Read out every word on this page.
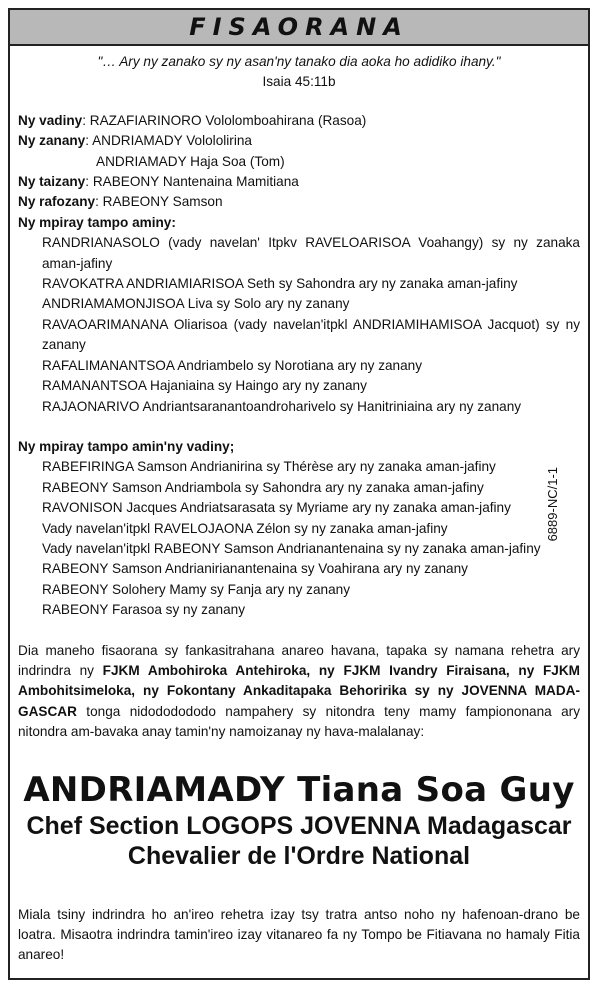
FISAORANA
"… Ary ny zanako sy ny asan'ny tanako dia aoka ho adidiko ihany."
Isaia 45:11b
Ny vadiny: RAZAFIARINORO Vololomboahirana (Rasoa)
Ny zanany: ANDRIAMADY Volololirina
ANDRIAMADY Haja Soa (Tom)
Ny taizany: RABEONY Nantenaina Mamitiana
Ny rafozany: RABEONY Samson
Ny mpiray tampo aminy:
RANDRIANASOLO (vady navelan' Itpkv RAVELOARISOA Voahangy) sy ny zanaka aman-jafiny
RAVOKATRA ANDRIAMIARISOA Seth sy Sahondra ary ny zanaka aman-jafiny
ANDRIAMAMONJISOA Liva sy Solo ary ny zanany
RAVAOARIMANANA Oliarisoa (vady navelan'itpkl ANDRIAMIHAMISOA Jacquot) sy ny zanany
RAFALIMANANTSOA Andriambelo sy Norotiana ary ny zanany
RAMANANTSOA Hajaniaina sy Haingo ary ny zanany
RAJAONARIVO Andriantsaranantoandroharivelo sy Hanitriniaina ary ny zanany
Ny mpiray tampo amin'ny vadiny;
RABEFIRINGA Samson Andrianirina sy Thérèse ary ny zanaka aman-jafiny
RABEONY Samson Andriambola sy Sahondra ary ny zanaka aman-jafiny
RAVONISON Jacques Andriatsarasata sy Myriame ary ny zanaka aman-jafiny
Vady navelan'itpkl RAVELOJAONA Zélon sy ny zanaka aman-jafiny
Vady navelan'itpkl RABEONY Samson Andrianantenaina sy ny zanaka aman-jafiny
RABEONY Samson Andrianirianantenaina sy Voahirana ary ny zanany
RABEONY Solohery Mamy sy Fanja ary ny zanany
RABEONY Farasoa sy ny zanany
6889-NC/1-1
Dia maneho fisaorana sy fankasitrahana anareo havana, tapaka sy namana rehetra ary indrindra ny FJKM Ambohiroka Antehiroka, ny FJKM Ivandry Firaisana, ny FJKM Ambohitsimeloka, ny Fokontany Ankaditapaka Behoririka sy ny JOVENNA MADA-GASCAR tonga nidododododo nampahery sy nitondra teny mamy fampiononana ary nitondra am-bavaka anay tamin'ny namoizanay ny hava-malalanay:
ANDRIAMADY Tiana Soa Guy
Chef Section LOGOPS JOVENNA Madagascar
Chevalier de l'Ordre National
Miala tsiny indrindra ho an'ireo rehetra izay tsy tratra antso noho ny hafenoan-drano be loatra. Misaotra indrindra tamin'ireo izay vitanareo fa ny Tompo be Fitiavana no hamaly Fitia anareo!
